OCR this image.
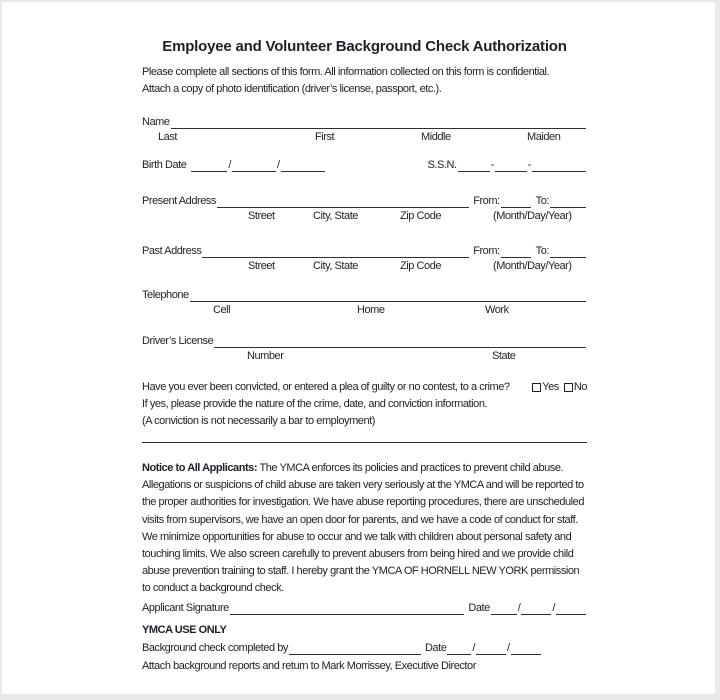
Employee and Volunteer Background Check Authorization
Please complete all sections of this form. All information collected on this form is confidential.
Attach a copy of photo identification (driver’s license, passport, etc.).
Name
Last	First	Middle	Maiden
Birth Date	/	/	S.S.N.	-	-
Present Address	From:	To:
Street	City, State	Zip Code	(Month/Day/Year)
Past Address	From:	To:
Street	City, State	Zip Code	(Month/Day/Year)
Telephone
Cell	Home	Work
Driver’s License
Number	State
Have you ever been convicted, or entered a plea of guilty or no contest, to a crime?	Yes No
If yes, please provide the nature of the crime, date, and conviction information.
(A conviction is not necessarily a bar to employment)
Notice to All Applicants: The YMCA enforces its policies and practices to prevent child abuse. Allegations or suspicions of child abuse are taken very seriously at the YMCA and will be reported to the proper authorities for investigation. We have abuse reporting procedures, there are unscheduled visits from supervisors, we have an open door for parents, and we have a code of conduct for staff. We minimize opportunities for abuse to occur and we talk with children about personal safety and touching limits. We also screen carefully to prevent abusers from being hired and we provide child abuse prevention training to staff. I hereby grant the YMCA OF HORNELL NEW YORK permission to conduct a background check.
Applicant Signature	Date	/	/
YMCA USE ONLY
Background check completed by	Date /	/
Attach background reports and return to Mark Morrissey, Executive Director
